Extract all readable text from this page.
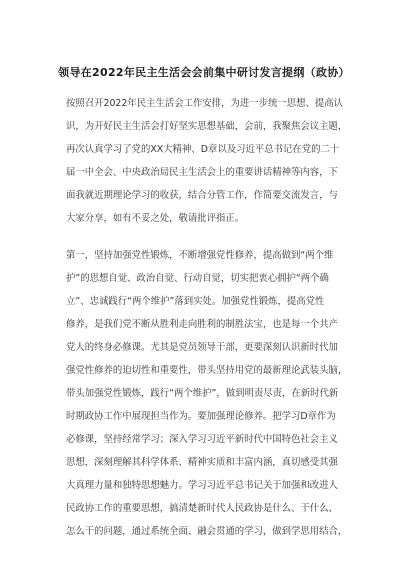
领导在2022年民主生活会会前集中研讨发言提纲（政协）
按照召开2022年民主生活会工作安排，为进一步统一思想、提高认
识，为开好民主生活会打好坚实思想基础，会前，我聚焦会议主题，
再次认真学习了党的XX大精神、D章以及习近平总书记在党的二十
届一中全会、中央政治局民主生活会上的重要讲话精神等内容，下
面我就近期理论学习的收获，结合分管工作，作简要交流发言，与
大家分享，如有不妥之处，敬请批评指正。
第一，坚持加强党性锻炼，不断增强党性修养，提高做到“两个维
护”的思想自觉、政治自觉、行动自觉，切实把衷心拥护“两个确
立”、忠诚践行“两个维护”落到实处。加强党性锻炼，提高党性
修养，是我们党不断从胜利走向胜利的制胜法宝，也是每一个共产
党人的终身必修课。尤其是党员领导干部，更要深刻认识新时代加
强党性修养的迫切性和重要性，带头坚持用党的最新理论武装头脑，
带头加强党性锻炼，践行“两个维护”，做到明责尽责，在新时代新
时期政协工作中展现担当作为。要加强理论修养。把学习D章作为
必修课，坚持经常学习；深入学习习近平新时代中国特色社会主义
思想，深刻理解其科学体系、精神实质和丰富内涵，真切感受其强
大真理力量和独特思想魅力。学习习近平总书记关于加强和改进人
民政协工作的重要思想，搞清楚新时代人民政协是什么、干什么、
怎么干的问题，通过系统全面、融会贯通的学习，做到学思用结合，
